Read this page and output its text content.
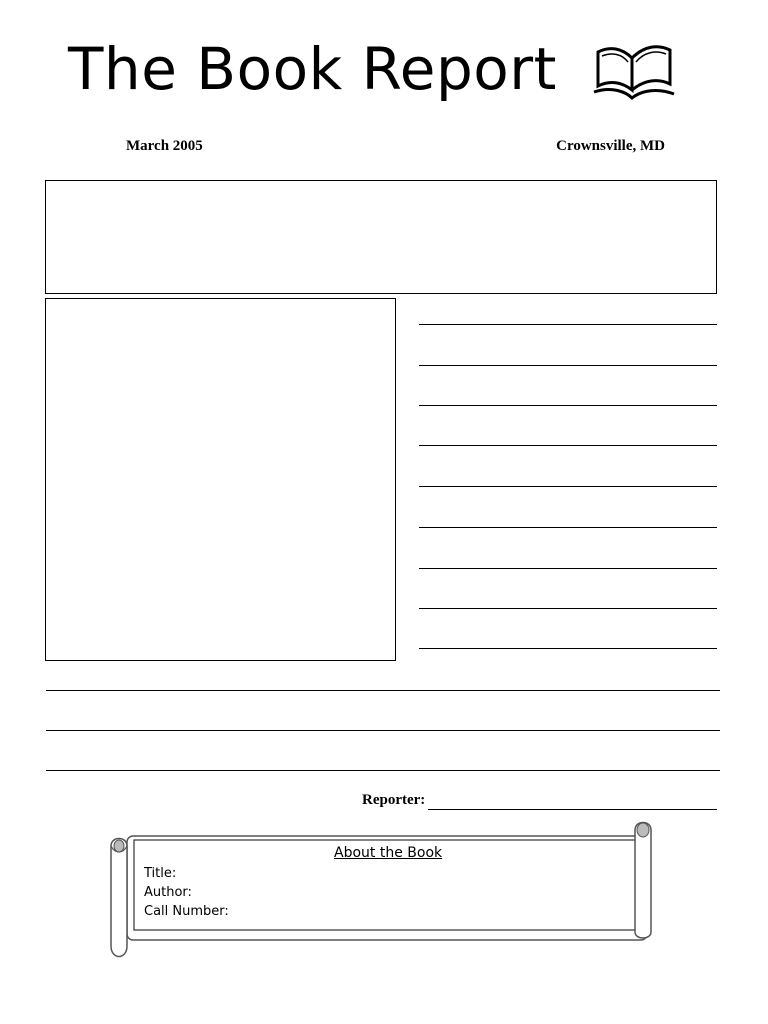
The Book Report
March 2005	Crownsville, MD
Reporter:
About the Book
Title:
Author:
Call Number:
